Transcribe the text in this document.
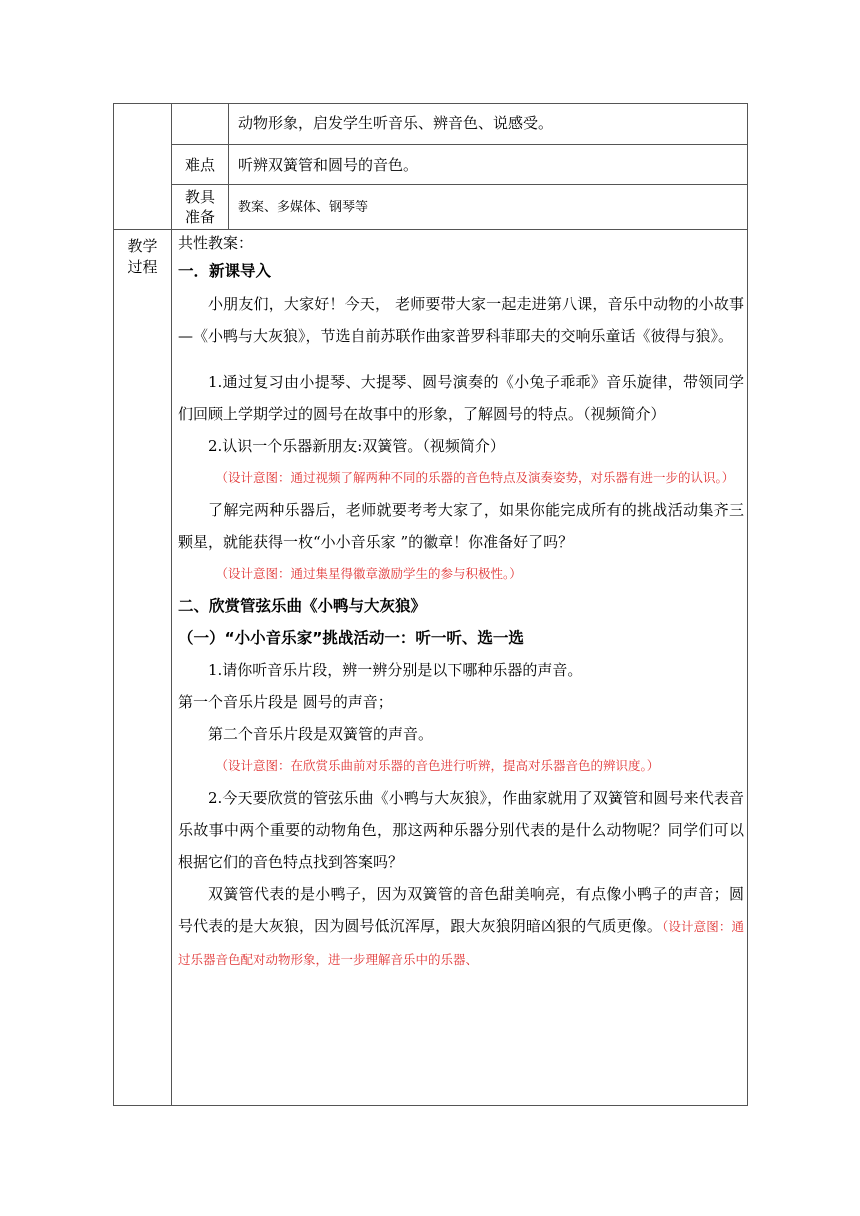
动物形象，启发学生听音乐、辨音色、说感受。
难点	听辨双簧管和圆号的音色。
教具
准备
教案、多媒体、钢琴等
教学
过程

共性教案：

一．新课导入

小朋友们，大家好！今天， 老师要带大家一起走进第八课，音乐中动物的小故事—《小鸭与大灰狼》，节选自前苏联作曲家普罗科菲耶夫的交响乐童话《彼得与狼》。

1.通过复习由小提琴、大提琴、圆号演奏的《小兔子乖乖》音乐旋律，带领同学们回顾上学期学过的圆号在故事中的形象，了解圆号的特点。（视频简介）

2.认识一个乐器新朋友:双簧管。（视频简介）

（设计意图：通过视频了解两种不同的乐器的音色特点及演奏姿势，对乐器有进一步的认识。）

了解完两种乐器后，老师就要考考大家了，如果你能完成所有的挑战活动集齐三颗星，就能获得一枚“小小音乐家 ”的徽章！你准备好了吗？

（设计意图：通过集星得徽章激励学生的参与积极性。）

二、欣赏管弦乐曲《小鸭与大灰狼》

（一）“小小音乐家”挑战活动一：听一听、选一选

1.请你听音乐片段，辨一辨分别是以下哪种乐器的声音。

第一个音乐片段是 圆号的声音；

第二个音乐片段是双簧管的声音。

（设计意图：在欣赏乐曲前对乐器的音色进行听辨，提高对乐器音色的辨识度。）

2.今天要欣赏的管弦乐曲《小鸭与大灰狼》，作曲家就用了双簧管和圆号来代表音乐故事中两个重要的动物角色，那这两种乐器分别代表的是什么动物呢？同学们可以根据它们的音色特点找到答案吗？

双簧管代表的是小鸭子，因为双簧管的音色甜美响亮，有点像小鸭子的声音；圆号代表的是大灰狼，因为圆号低沉浑厚，跟大灰狼阴暗凶狠的气质更像。（设计意图：通过乐器音色配对动物形象，进一步理解音乐中的乐器、
